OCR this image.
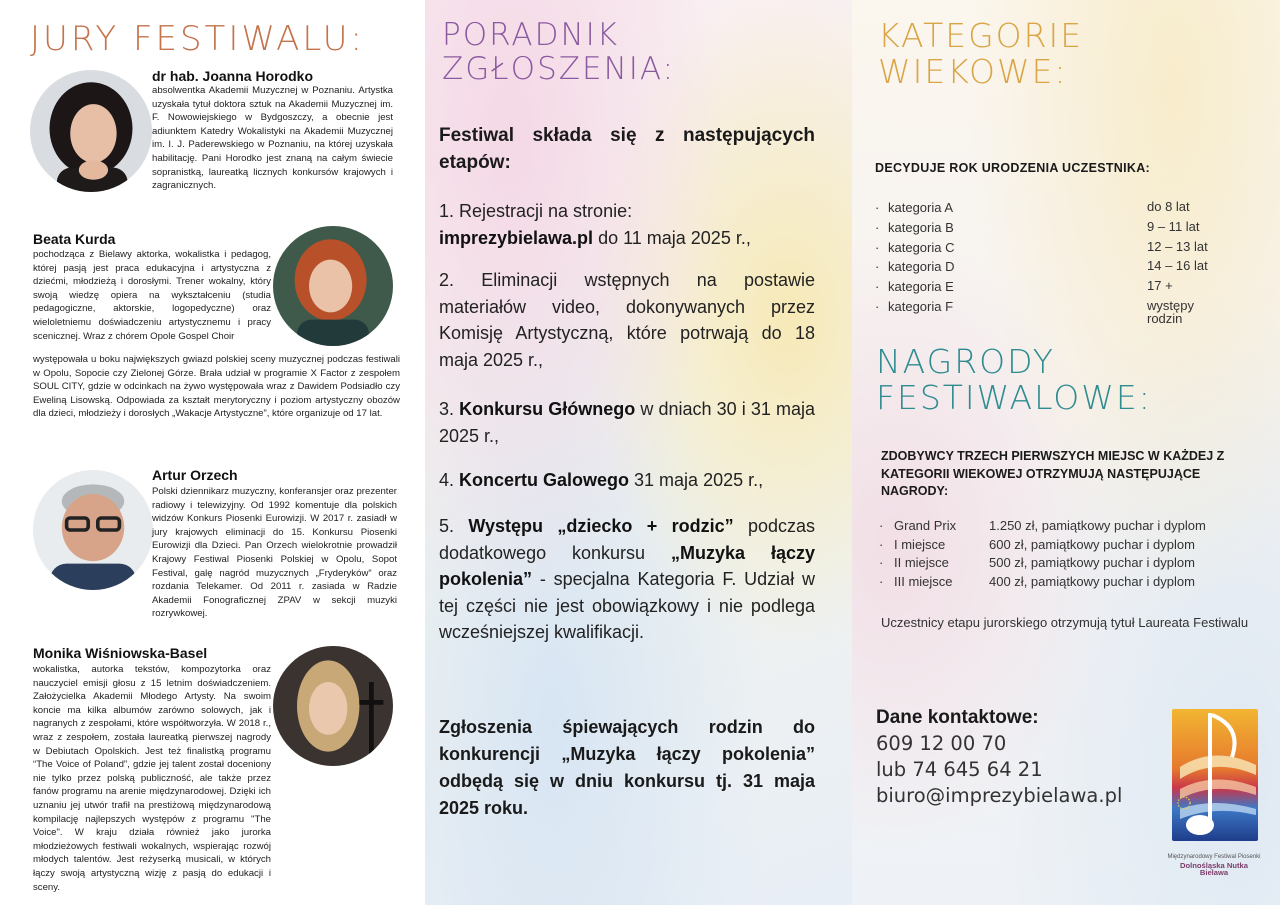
JURY FESTIWALU:
dr hab. Joanna Horodko

absolwentka Akademii Muzycznej w Poznaniu. Artystka uzyskała tytuł doktora sztuk na Akademii Muzycznej im. F. Nowowiejskiego w Bydgoszczy, a obecnie jest adiunktem Katedry Wokalistyki na Akademii Muzycznej im. I. J. Paderewskiego w Poznaniu, na której uzyskała habilitację. Pani Horodko jest znaną na całym świecie sopranistką, laureatką licznych konkursów krajowych i zagranicznych.

Beata Kurda

pochodząca z Bielawy aktorka, wokalistka i pedagog, której pasją jest praca edukacyjna i artystyczna z dziećmi, młodzieżą i dorosłymi. Trener wokalny, który swoją wiedzę opiera na wykształceniu (studia pedagogiczne, aktorskie, logopedyczne) oraz wieloletniemu doświadczeniu artystycznemu i pracy scenicznej. Wraz z chórem Opole Gospel Choir

występowała u boku największych gwiazd polskiej sceny muzycznej podczas festiwali w Opolu, Sopocie czy Zielonej Górze. Brała udział w programie X Factor z zespołem SOUL CITY, gdzie w odcinkach na żywo występowała wraz z Dawidem Podsiadło czy Eweliną Lisowską. Odpowiada za kształt merytoryczny i poziom artystyczny obozów dla dzieci, młodzieży i dorosłych „Wakacje Artystyczne”, które organizuje od 17 lat.

Artur Orzech

Polski dziennikarz muzyczny, konferansjer oraz prezenter radiowy i telewizyjny. Od 1992 komentuje dla polskich widzów Konkurs Piosenki Eurowizji. W 2017 r. zasiadł w jury krajowych eliminacji do 15. Konkursu Piosenki Eurowizji dla Dzieci. Pan Orzech wielokrotnie prowadził Krajowy Festiwal Piosenki Polskiej w Opolu, Sopot Festival, galę nagród muzycznych „Fryderyków” oraz rozdania Telekamer. Od 2011 r. zasiada w Radzie Akademii Fonograficznej ZPAV w sekcji muzyki rozrywkowej.

Monika Wiśniowska-Basel

wokalistka, autorka tekstów, kompozytorka oraz nauczyciel emisji głosu z 15 letnim doświadczeniem. Założycielka Akademii Młodego Artysty. Na swoim koncie ma kilka albumów zarówno solowych, jak i nagranych z zespołami, które współtworzyła. W 2018 r., wraz z zespołem, została laureatką pierwszej nagrody w Debiutach Opolskich. Jest też finalistką programu “The Voice of Poland”, gdzie jej talent został doceniony nie tylko przez polską publiczność, ale także przez fanów programu na arenie międzynarodowej. Dzięki ich uznaniu jej utwór trafił na prestiżową międzynarodową kompilację najlepszych występów z programu "The Voice". W kraju działa również jako jurorka młodzieżowych festiwali wokalnych, wspierając rozwój młodych talentów. Jest reżyserką musicali, w których łączy swoją artystyczną wizję z pasją do edukacji i sceny.

PORADNIK
ZGŁOSZENIA:

Festiwal składa się z następujących etapów:

1. Rejestracji na stronie:
imprezybielawa.pl do 11 maja 2025 r.,

2. Eliminacji wstępnych na postawie materiałów video, dokonywanych przez Komisję Artystyczną, które potrwają do 18 maja 2025 r.,

3. Konkursu Głównego w dniach 30 i 31 maja 2025 r.,

4. Koncertu Galowego 31 maja 2025 r.,

5. Występu „dziecko + rodzic” podczas dodatkowego konkursu „Muzyka łączy pokolenia” - specjalna Kategoria F. Udział w tej części nie jest obowiązkowy i nie podlega wcześniejszej kwalifikacji.

Zgłoszenia śpiewających rodzin do konkurencji „Muzyka łączy pokolenia” odbędą się w dniu konkursu tj. 31 maja 2025 roku.

KATEGORIE
WIEKOWE:

DECYDUJE ROK URODZENIA UCZESTNIKA:

· kategoria A	do 8 lat
· kategoria B	9 – 11 lat
· kategoria C	12 – 13 lat
· kategoria D	14 – 16 lat
· kategoria E	17 +
· kategoria F	występy rodzin
NAGRODY
FESTIWALOWE:

ZDOBYWCY TRZECH PIERWSZYCH MIEJSC W KAŻDEJ Z KATEGORII WIEKOWEJ OTRZYMUJĄ NASTĘPUJĄCE NAGRODY:

· Grand Prix	1.250 zł, pamiątkowy puchar i dyplom
· I miejsce	600 zł, pamiątkowy puchar i dyplom
· II miejsce	500 zł, pamiątkowy puchar i dyplom
· III miejsce	400 zł, pamiątkowy puchar i dyplom

Uczestnicy etapu jurorskiego otrzymują tytuł Laureata Festiwalu

Dane kontaktowe:
609 12 00 70
lub 74 645 64 21
biuro@imprezybielawa.pl
Międzynarodowy Festiwal Piosenki
Dolnośląska Nutka
Bielawa
